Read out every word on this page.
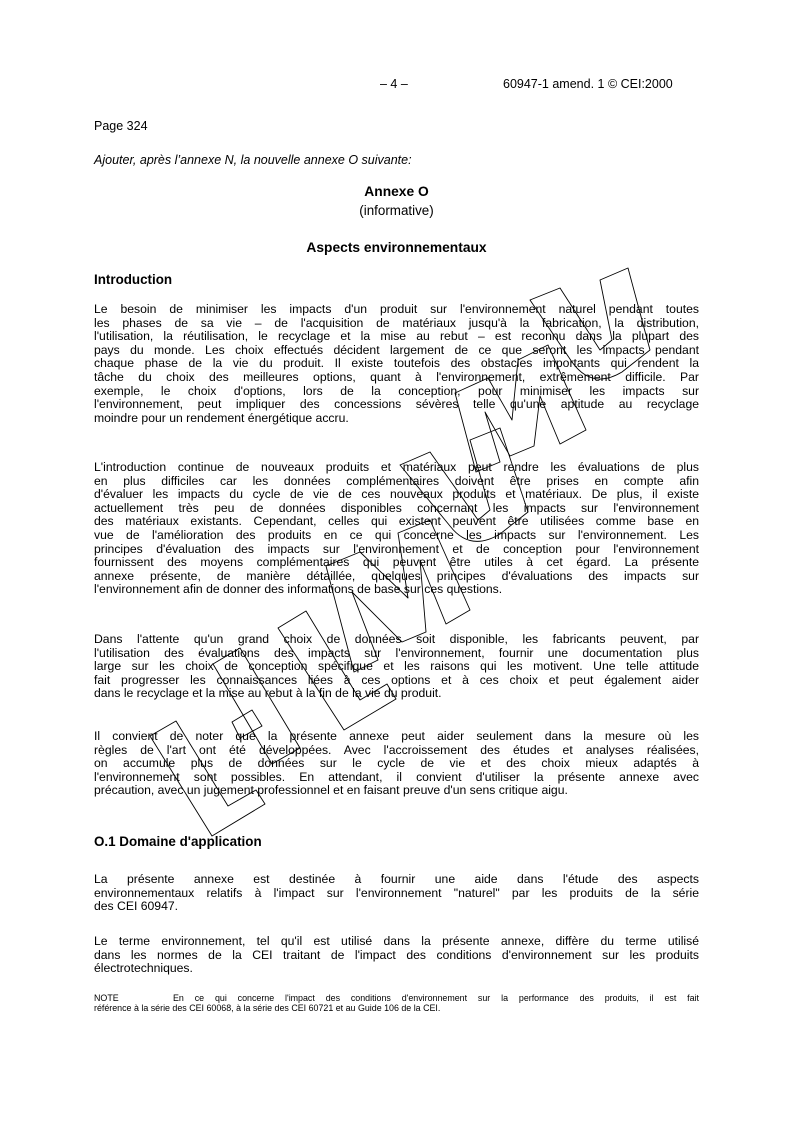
– 4 –	60947-1 amend. 1 © CEI:2000
Page 324
Ajouter, après l’annexe N, la nouvelle annexe O suivante:
Annexe O
(informative)
Aspects environnementaux
Introduction
Le besoin de minimiser les impacts d'un produit sur l'environnement naturel pendant toutes
les phases de sa vie – de l'acquisition de matériaux jusqu'à la fabrication, la distribution,
l'utilisation, la réutilisation, le recyclage et la mise au rebut – est reconnu dans la plupart des
pays du monde. Les choix effectués décident largement de ce que seront les impacts pendant
chaque phase de la vie du produit. Il existe toutefois des obstacles importants qui rendent la
tâche du choix des meilleures options, quant à l'environnement, extrêmement difficile. Par
exemple, le choix d'options, lors de la conception, pour minimiser les impacts sur
l'environnement, peut impliquer des concessions sévères telle qu'une aptitude au recyclage
moindre pour un rendement énergétique accru.
L'introduction continue de nouveaux produits et matériaux peut rendre les évaluations de plus
en plus difficiles car les données complémentaires doivent être prises en compte afin
d'évaluer les impacts du cycle de vie de ces nouveaux produits et matériaux. De plus, il existe
actuellement très peu de données disponibles concernant les impacts sur l'environnement
des matériaux existants. Cependant, celles qui existent peuvent être utilisées comme base en
vue de l'amélioration des produits en ce qui concerne les impacts sur l'environnement. Les
principes d'évaluation des impacts sur l'environnement et de conception pour l'environnement
fournissent des moyens complémentaires qui peuvent être utiles à cet égard. La présente
annexe présente, de manière détaillée, quelques principes d'évaluations des impacts sur
l'environnement afin de donner des informations de base sur ces questions.
Dans l'attente qu'un grand choix de données soit disponible, les fabricants peuvent, par
l'utilisation des évaluations des impacts sur l'environnement, fournir une documentation plus
large sur les choix de conception spécifique et les raisons qui les motivent. Une telle attitude
fait progresser les connaissances liées à ces options et à ces choix et peut également aider
dans le recyclage et la mise au rebut à la fin de la vie du produit.
Il convient de noter que la présente annexe peut aider seulement dans la mesure où les
règles de l'art ont été développées. Avec l'accroissement des études et analyses réalisées,
on accumule plus de données sur le cycle de vie et des choix mieux adaptés à
l'environnement sont possibles. En attendant, il convient d'utiliser la présente annexe avec
précaution, avec un jugement professionnel et en faisant preuve d'un sens critique aigu.
O.1 Domaine d'application
La présente annexe est destinée à fournir une aide dans l'étude des aspects
environnementaux relatifs à l'impact sur l'environnement "naturel" par les produits de la série
des CEI 60947.
Le terme environnement, tel qu'il est utilisé dans la présente annexe, diffère du terme utilisé
dans les normes de la CEI traitant de l'impact des conditions d'environnement sur les produits
électrotechniques.
NOTE     En ce qui concerne l'impact des conditions d'environnement sur la performance des produits, il est fait
référence à la série des CEI 60068, à la série des CEI 60721 et au Guide 106 de la CEI.
